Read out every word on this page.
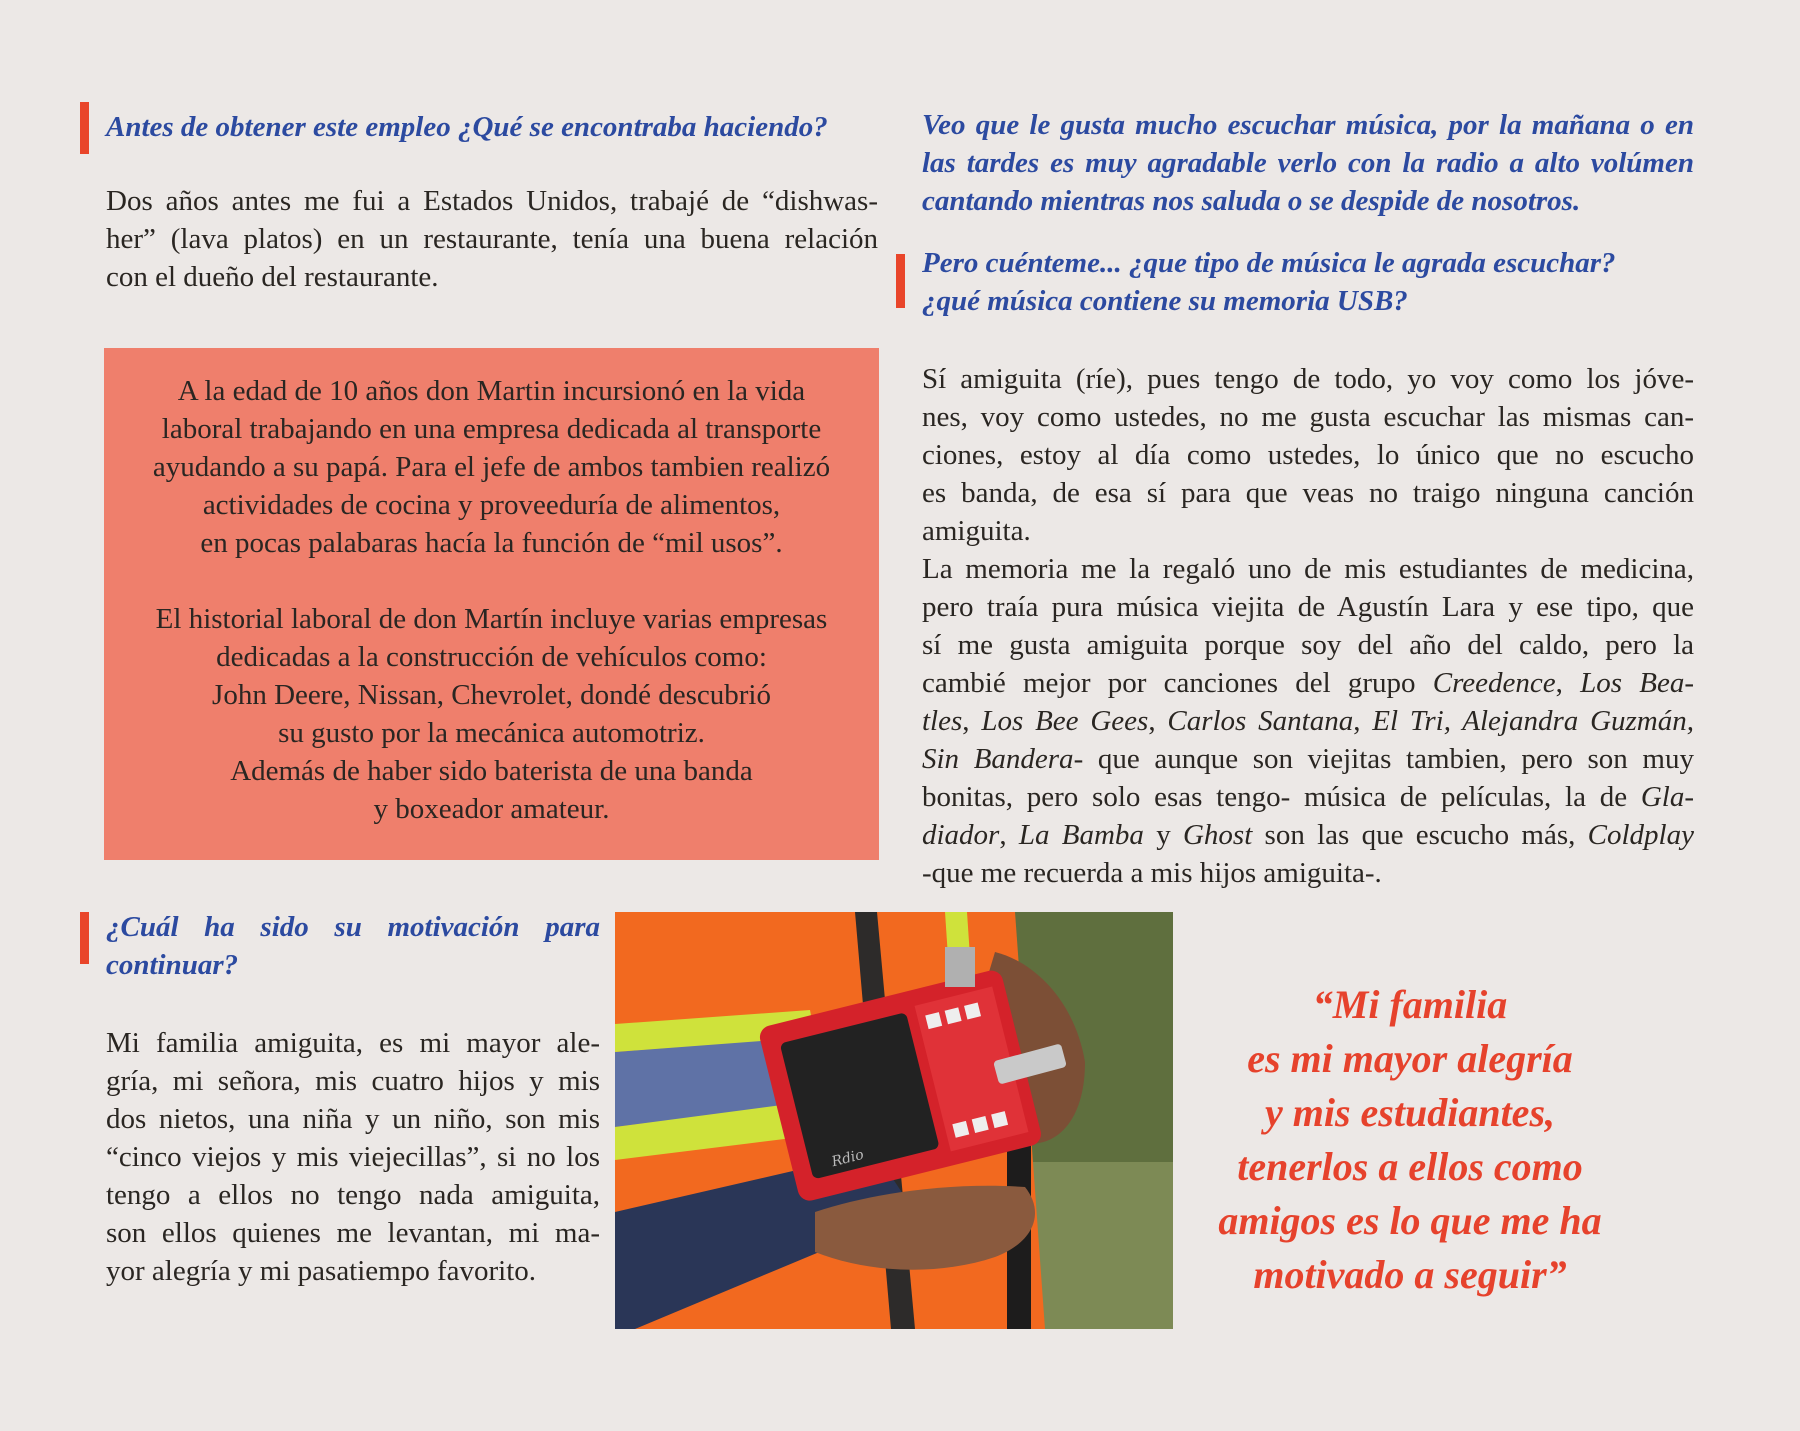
Antes de obtener este empleo ¿Qué se encontraba haciendo?

Dos años antes me fui a Estados Unidos, trabajé de “dishwas-

her” (lava platos) en un restaurante, tenía una buena relación

con el dueño del restaurante.

A la edad de 10 años don Martin incursionó en la vida

laboral trabajando en una empresa dedicada al transporte

ayudando a su papá. Para el jefe de ambos tambien realizó

actividades de cocina y proveeduría de alimentos,

en pocas palabaras hacía la función de “mil usos”.

El historial laboral de don Martín incluye varias empresas

dedicadas a la construcción de vehículos como:

John Deere, Nissan, Chevrolet, dondé descubrió

su gusto por la mecánica automotriz.

Además de haber sido baterista de una banda

y boxeador amateur.

¿Cuál ha sido su motivación para

continuar?

Mi familia amiguita, es mi mayor ale-

gría, mi señora, mis cuatro hijos y mis

dos nietos, una niña y un niño, son mis

“cinco viejos y mis viejecillas”, si no los

tengo a ellos no tengo nada amiguita,

son ellos quienes me levantan, mi ma-

yor alegría y mi pasatiempo favorito.

Rdio

Veo que le gusta mucho escuchar música, por la mañana o en

las tardes es muy agradable verlo con la radio a alto volúmen

cantando mientras nos saluda o se despide de nosotros.

Pero cuénteme... ¿que tipo de música le agrada escuchar?

¿qué música contiene su memoria USB?

Sí amiguita (ríe), pues tengo de todo, yo voy como los jóve-

nes, voy como ustedes, no me gusta escuchar las mismas can-

ciones, estoy al día como ustedes, lo único que no escucho

es banda, de esa sí para que veas no traigo ninguna canción

amiguita.

La memoria me la regaló uno de mis estudiantes de medicina,

pero traía pura música viejita de Agustín Lara y ese tipo, que

sí me gusta amiguita porque soy del año del caldo, pero la

cambié mejor por canciones del grupo Creedence, Los Bea-

tles, Los Bee Gees, Carlos Santana, El Tri, Alejandra Guzmán,

Sin Bandera- que aunque son viejitas tambien, pero son muy

bonitas, pero solo esas tengo- música de películas, la de Gla-

diador, La Bamba y Ghost son las que escucho más, Coldplay

-que me recuerda a mis hijos amiguita-.

“Mi familia

es mi mayor alegría

y mis estudiantes,

tenerlos a ellos como

amigos es lo que me ha

motivado a seguir”
